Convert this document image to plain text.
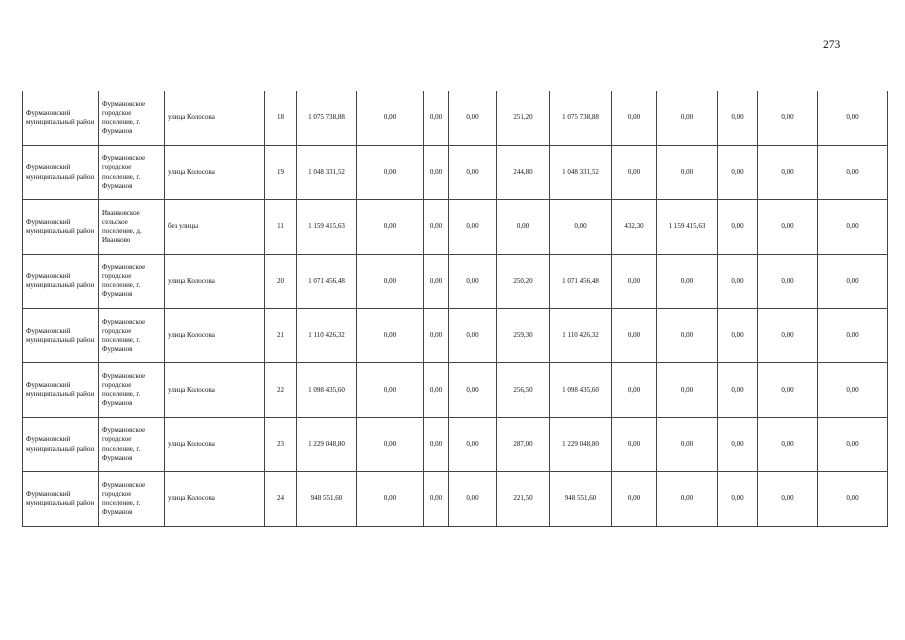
273
Фурмановский муниципальный район	Фурмановское городское поселение, г. Фурманов	улица Колосова	18	1 075 738,88	0,00	0,00	0,00	251,20	1 075 738,88	0,00	0,00	0,00	0,00	0,00
Фурмановский муниципальный район	Фурмановское городское поселение, г. Фурманов	улица Колосова	19	1 048 331,52	0,00	0,00	0,00	244,80	1 048 331,52	0,00	0,00	0,00	0,00	0,00
Фурмановский муниципальный район	Иванковское сельское поселение, д. Иванково	без улицы	11	1 159 415,63	0,00	0,00	0,00	0,00	0,00	432,30	1 159 415,63	0,00	0,00	0,00
Фурмановский муниципальный район	Фурмановское городское поселение, г. Фурманов	улица Колосова	20	1 071 456,48	0,00	0,00	0,00	250,20	1 071 456,48	0,00	0,00	0,00	0,00	0,00
Фурмановский муниципальный район	Фурмановское городское поселение, г. Фурманов	улица Колосова	21	1 110 426,32	0,00	0,00	0,00	259,30	1 110 426,32	0,00	0,00	0,00	0,00	0,00
Фурмановский муниципальный район	Фурмановское городское поселение, г. Фурманов	улица Колосова	22	1 098 435,60	0,00	0,00	0,00	256,50	1 098 435,60	0,00	0,00	0,00	0,00	0,00
Фурмановский муниципальный район	Фурмановское городское поселение, г. Фурманов	улица Колосова	23	1 229 048,80	0,00	0,00	0,00	287,00	1 229 048,80	0,00	0,00	0,00	0,00	0,00
Фурмановский муниципальный район	Фурмановское городское поселение, г. Фурманов	улица Колосова	24	948 551,60	0,00	0,00	0,00	221,50	948 551,60	0,00	0,00	0,00	0,00	0,00
